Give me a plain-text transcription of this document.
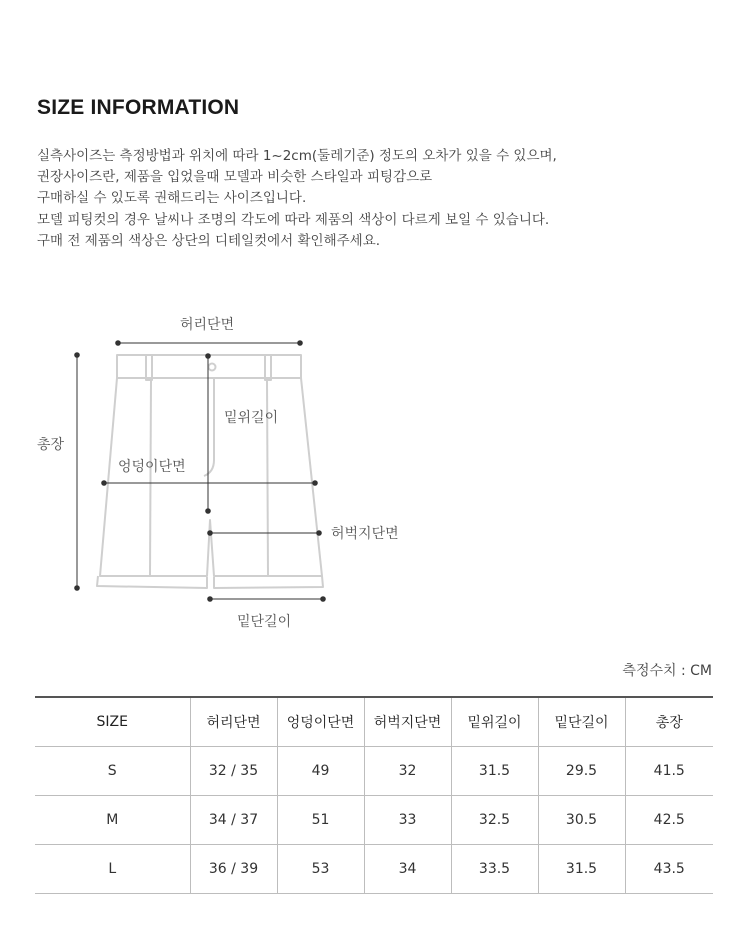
SIZE INFORMATION
실측사이즈는 측정방법과 위치에 따라 1~2cm(둘레기준) 정도의 오차가 있을 수 있으며,
권장사이즈란, 제품을 입었을때 모델과 비슷한 스타일과 피팅감으로
구매하실 수 있도록 권해드리는 사이즈입니다.
모델 피팅컷의 경우 날씨나 조명의 각도에 따라 제품의 색상이 다르게 보일 수 있습니다.
구매 전 제품의 색상은 상단의 디테일컷에서 확인해주세요.
허리단면
밑위길이
총장
엉덩이단면
허벅지단면
밑단길이
측정수치 : CM
SIZE	허리단면	엉덩이단면	허벅지단면	밑위길이	밑단길이	총장
S	32 / 35	49	32	31.5	29.5	41.5
M	34 / 37	51	33	32.5	30.5	42.5
L	36 / 39	53	34	33.5	31.5	43.5
